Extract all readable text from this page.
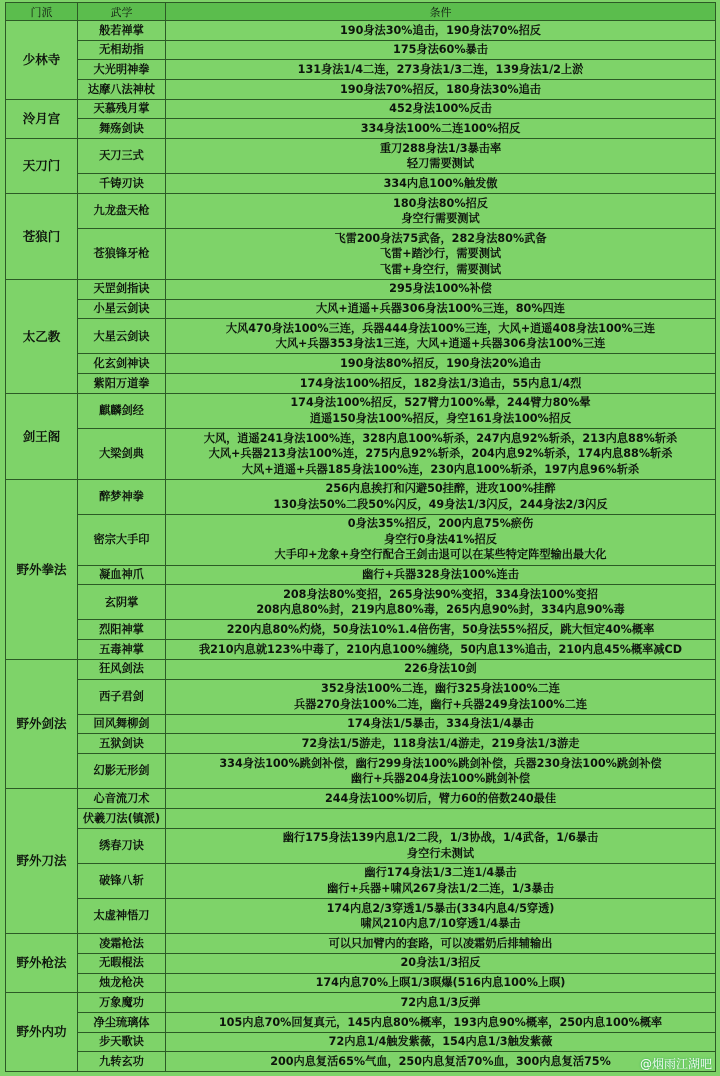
门派	武学	条件
少林寺	般若禅掌	190身法30%追击，190身法70%招反

	无相劫指	175身法60%暴击

	大光明神拳	131身法1/4二连，273身法1/3二连，139身法1/2上淤

	达摩八法神杖	190身法70%招反，180身法30%追击

泠月宫	天慕残月掌	452身法100%反击

	舞殇剑诀	334身法100%二连100%招反

天刀门	天刀三式	重刀288身法1/3暴击率
轻刀需要测试

	千铸刃诀	334内息100%触发傲

苍狼门	九龙盘天枪	180身法80%招反
身空行需要测试

	苍狼锋牙枪	飞雷200身法75武备，282身法80%武备
飞雷+踏沙行，需要测试
飞雷+身空行，需要测试

太乙教	天罡剑指诀	295身法100%补偿

	小星云剑诀	大风+逍遥+兵器306身法100%三连，80%四连

	大星云剑诀	大风470身法100%三连，兵器444身法100%三连，大风+逍遥408身法100%三连
大风+兵器353身法1三连，大风+逍遥+兵器306身法100%三连

	化玄剑神诀	190身法80%招反，190身法20%追击

	紫阳万道拳	174身法100%招反，182身法1/3追击，55内息1/4烈

剑王阁	麒麟剑经	174身法100%招反，527臂力100%晕，244臂力80%晕
逍遥150身法100%招反，身空161身法100%招反

	大梁剑典	大风，逍遥241身法100%连，328内息100%斩杀，247内息92%斩杀，213内息88%斩杀
大风+兵器213身法100%连，275内息92%斩杀，204内息92%斩杀，174内息88%斩杀
大风+逍遥+兵器185身法100%连，230内息100%斩杀，197内息96%斩杀

野外拳法	醉梦神拳	256内息挨打和闪避50挂醉，进攻100%挂醉
130身法50%二段50%闪反，49身法1/3闪反，244身法2/3闪反

	密宗大手印	0身法35%招反，200内息75%瘀伤
身空行0身法41%招反
大手印+龙象+身空行配合王剑击退可以在某些特定阵型输出最大化

	凝血神爪	幽行+兵器328身法100%连击

	玄阴掌	208身法80%变招，265身法90%变招，334身法100%变招
208内息80%封，219内息80%毒，265内息90%封，334内息90%毒

	烈阳神掌	220内息80%灼烧，50身法10%1.4倍伤害，50身法55%招反，跳大恒定40%概率

	五毒神掌	我210内息就123%中毒了，210内息100%缠绕，50内息13%追击，210内息45%概率减CD

野外剑法	狂风剑法	226身法10剑

	西子君剑	352身法100%二连，幽行325身法100%二连
兵器270身法100%二连，幽行+兵器249身法100%二连

	回风舞柳剑	174身法1/5暴击，334身法1/4暴击

	五狱剑诀	72身法1/5游走，118身法1/4游走，219身法1/3游走

	幻影无形剑	334身法100%跳剑补偿，幽行299身法100%跳剑补偿，兵器230身法100%跳剑补偿
幽行+兵器204身法100%跳剑补偿

野外刀法	心音流刀术	244身法100%切后，臂力60的倍数240最佳

	伏羲刀法(镇派)	

	绣春刀诀	幽行175身法139内息1/2二段，1/3协战，1/4武备，1/6暴击
身空行未测试

	破锋八斩	幽行174身法1/3二连1/4暴击
幽行+兵器+啸风267身法1/2二连，1/3暴击

	太虚神悟刀	174内息2/3穿透1/5暴击(334内息4/5穿透)
啸风210内息7/10穿透1/4暴击

野外枪法	凌霜枪法	可以只加臂内的套路，可以凌霜奶后排辅输出

	无暇棍法	20身法1/3招反

	烛龙枪决	174内息70%上暝1/3暝爆(516内息100%上暝)

野外内功	万象魔功	72内息1/3反弹

	净尘琉璃体	105内息70%回复真元，145内息80%概率，193内息90%概率，250内息100%概率

	步天歌诀	72内息1/4触发紫薇，154内息1/3触发紫薇

	九转玄功	200内息复活65%气血，250内息复活70%血，300内息复活75%	@烟雨江湖吧
